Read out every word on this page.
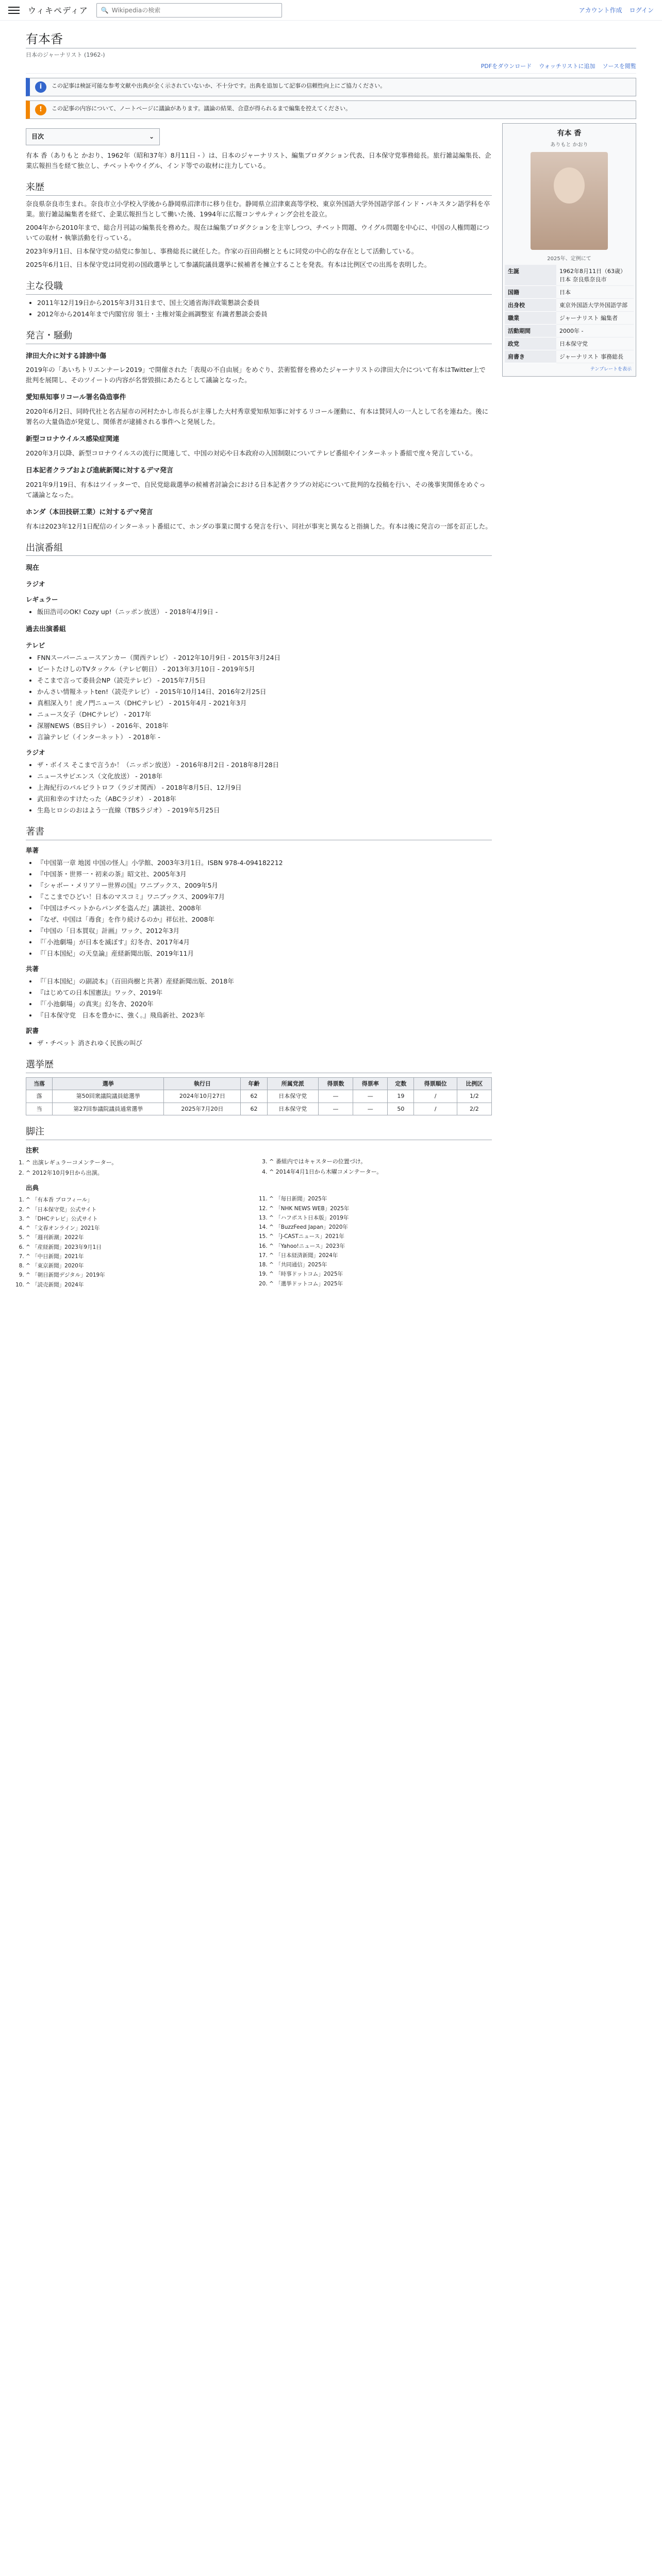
ウィキペディア 🔍
Wikipediaの検索	アカウント作成 ログイン
有本香
日本のジャーナリスト (1962-)
PDFをダウンロード ウォッチリストに追加 ソースを閲覧
i	この記事は検証可能な参考文献や出典が全く示されていないか、不十分です。出典を追加して記事の信頼性向上にご協力ください。
!	この記事の内容について、ノートページに議論があります。議論の結果、合意が得られるまで編集を控えてください。
目次	⌄

有本 香（ありもと かおり、1962年（昭和37年）8月11日 - ）は、日本のジャーナリスト、編集プロダクション代表、日本保守党事務総長。旅行雑誌編集長、企業広報担当を経て独立し、チベットやウイグル、インド等での取材に注力している。

来歴

奈良県奈良市生まれ。奈良市立小学校入学後から静岡県沼津市に移り住む。静岡県立沼津東高等学校、東京外国語大学外国語学部インド・パキスタン語学科を卒業。旅行雑誌編集者を経て、企業広報担当として働いた後、1994年に広報コンサルティング会社を設立。

2004年から2010年まで、総合月刊誌の編集長を務めた。現在は編集プロダクションを主宰しつつ、チベット問題、ウイグル問題を中心に、中国の人権問題についての取材・執筆活動を行っている。

2023年9月1日、日本保守党の結党に参加し、事務総長に就任した。作家の百田尚樹とともに同党の中心的な存在として活動している。

2025年6月1日、日本保守党は同党初の国政選挙として参議院議員選挙に候補者を擁立することを発表。有本は比例区での出馬を表明した。

主な役職
• 2011年12月19日から2015年3月31日まで、国土交通省海洋政策懇談会委員
• 2012年から2014年まで内閣官房 領土・主権対策企画調整室 有識者懇談会委員
発言・騒動
津田大介に対する誹謗中傷

2019年の「あいちトリエンナーレ2019」で開催された「表現の不自由展」をめぐり、芸術監督を務めたジャーナリストの津田大介について有本はTwitter上で批判を展開し、そのツイートの内容が名誉毀損にあたるとして議論となった。

愛知県知事リコール署名偽造事件

2020年6月2日、同時代社と名古屋市の河村たかし市長らが主導した大村秀章愛知県知事に対するリコール運動に、有本は賛同人の一人として名を連ねた。後に署名の大量偽造が発覚し、関係者が逮捕される事件へと発展した。

新型コロナウイルス感染症関連

2020年3月以降、新型コロナウイルスの流行に関連して、中国の対応や日本政府の入国制限についてテレビ番組やインターネット番組で度々発言している。

日本記者クラブおよび進統新聞に対するデマ発言

2021年9月19日、有本はツイッターで、自民党総裁選挙の候補者討論会における日本記者クラブの対応について批判的な投稿を行い、その後事実関係をめぐって議論となった。

ホンダ（本田技研工業）に対するデマ発言

有本は2023年12月1日配信のインターネット番組にて、ホンダの事業に関する発言を行い、同社が事実と異なると指摘した。有本は後に発言の一部を訂正した。

出演番組
現在
ラジオ
レギュラー
• 飯田浩司のOK! Cozy up!（ニッポン放送） - 2018年4月9日 -
過去出演番組
テレビ
• FNNスーパーニュースアンカー（関西テレビ） - 2012年10月9日 - 2015年3月24日
• ビートたけしのTVタックル（テレビ朝日） - 2013年3月10日 - 2019年5月
• そこまで言って委員会NP（読売テレビ） - 2015年7月5日
• かんさい情報ネットten!（読売テレビ） - 2015年10月14日、2016年2月25日
• 真相深入り！虎ノ門ニュース（DHCテレビ） - 2015年4月 - 2021年3月
• ニュース女子（DHCテレビ） - 2017年
• 深層NEWS（BS日テレ） - 2016年、2018年
• 言論テレビ（インターネット） - 2018年 -
ラジオ
• ザ・ボイス そこまで言うか！（ニッポン放送） - 2016年8月2日 - 2018年8月28日
• ニュースサピエンス（文化放送） - 2018年
• 上海紀行のパルビラトロフ（ラジオ関西） - 2018年8月5日、12月9日
• 武田和幸のすけたった（ABCラジオ） - 2018年
• 生島ヒロシのおはよう一直線（TBSラジオ） - 2019年5月25日
著書
単著
• 『中国第一章 地図 中国の怪人』小学館、2003年3月1日。ISBN 978-4-094182212
• 『中国茶・世界一・初来の茶』昭文社、2005年3月
• 『シャボー・メリアリー世界の国』ワニブックス、2009年5月
• 『ここまでひどい！日本のマスコミ』ワニブックス、2009年7月
• 『中国はチベットからパンダを盗んだ』講談社、2008年
• 『なぜ、中国は「毒食」を作り続けるのか』祥伝社、2008年
• 『中国の「日本買収」計画』ワック、2012年3月
• 『「小池劇場」が日本を滅ぼす』幻冬舎、2017年4月
• 『「日本国紀」の天皇論』産経新聞出版、2019年11月
共著
• 『「日本国紀」の副読本』（百田尚樹と共著）産経新聞出版、2018年
• 『はじめての日本国憲法』ワック、2019年
• 『「小池劇場」の真実』幻冬舎、2020年
• 『日本保守党　日本を豊かに、強く。』飛鳥新社、2023年
訳書
• ザ・チベット 消されゆく民族の叫び　
選挙歴
当落	選挙	執行日	年齢	所属党派	得票数	得票率	定数	得票順位	比例区
落	第50回衆議院議員総選挙	2024年10月27日	62	日本保守党	—	—	19	/	1/2
当	第27回参議院議員通常選挙	2025年7月20日	62	日本保守党	—	—	50	/	2/2
脚注
注釈
1. ^ 出演レギュラーコメンテーター。
2. ^ 2012年10月9日から出演。
3. ^ 番組内ではキャスターの位置づけ。
4. ^ 2014年4月1日から木曜コメンテーター。
出典
1. ^ 「有本香 プロフィール」
2. ^ 「日本保守党」公式サイト
3. ^ 「DHCテレビ」公式サイト
4. ^ 「文春オンライン」2021年
5. ^ 「週刊新潮」2022年
6. ^ 「産経新聞」2023年9月1日
7. ^ 「中日新聞」2021年
8. ^ 「東京新聞」2020年
9. ^ 「朝日新聞デジタル」2019年
10. ^ 「読売新聞」2024年
11. ^ 「毎日新聞」2025年
12. ^ 「NHK NEWS WEB」2025年
13. ^ 「ハフポスト日本版」2019年
14. ^ 「BuzzFeed Japan」2020年
15. ^ 「J-CASTニュース」2021年
16. ^ 「Yahoo!ニュース」2023年
17. ^ 「日本経済新聞」2024年
18. ^ 「共同通信」2025年
19. ^ 「時事ドットコム」2025年
20. ^ 「選挙ドットコム」2025年
有本 香
ありもと かおり
2025年、定例にて
生誕	1962年8月11日（63歳）日本 奈良県奈良市
国籍	日本
出身校	東京外国語大学外国語学部
職業	ジャーナリスト 編集者
活動期間	2000年 -
政党	日本保守党
肩書き	ジャーナリスト 事務総長
テンプレートを表示
